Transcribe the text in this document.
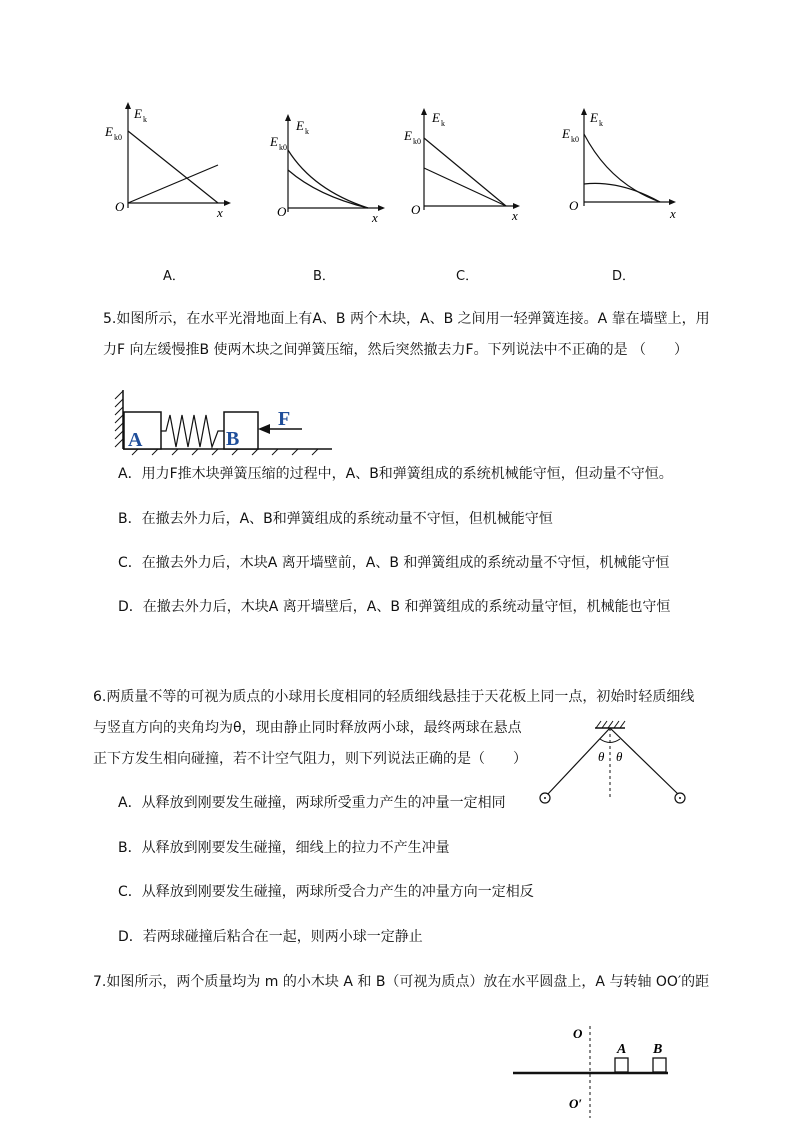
E k
E k0
O	x
E k
E k0
O	x
E k
E k0
O	x
E k
E k0
O
x
A．	B．	C．	D．
5.如图所示，在水平光滑地面上有A、B 两个木块，A、B 之间用一轻弹簧连接。A 靠在墙壁上，用
力F 向左缓慢推B 使两木块之间弹簧压缩，然后突然撤去力F。下列说法中不正确的是 （　　）
A	B
F
A．用力F推木块弹簧压缩的过程中，A、B和弹簧组成的系统机械能守恒，但动量不守恒。
B．在撤去外力后，A、B和弹簧组成的系统动量不守恒，但机械能守恒
C．在撤去外力后，木块A 离开墙壁前，A、B 和弹簧组成的系统动量不守恒，机械能守恒
D．在撤去外力后，木块A 离开墙壁后，A、B 和弹簧组成的系统动量守恒，机械能也守恒
6.两质量不等的可视为质点的小球用长度相同的轻质细线悬挂于天花板上同一点，初始时轻质细线
与竖直方向的夹角均为θ，现由静止同时释放两小球，最终两球在悬点
正下方发生相向碰撞，若不计空气阻力，则下列说法正确的是（　　）	θ θ
A．从释放到刚要发生碰撞，两球所受重力产生的冲量一定相同
B．从释放到刚要发生碰撞，细线上的拉力不产生冲量
C．从释放到刚要发生碰撞，两球所受合力产生的冲量方向一定相反
D．若两球碰撞后粘合在一起，则两小球一定静止
7.如图所示，两个质量均为 m 的小木块 A 和 B（可视为质点）放在水平圆盘上，A 与转轴 OO′的距
O
O′
A B
